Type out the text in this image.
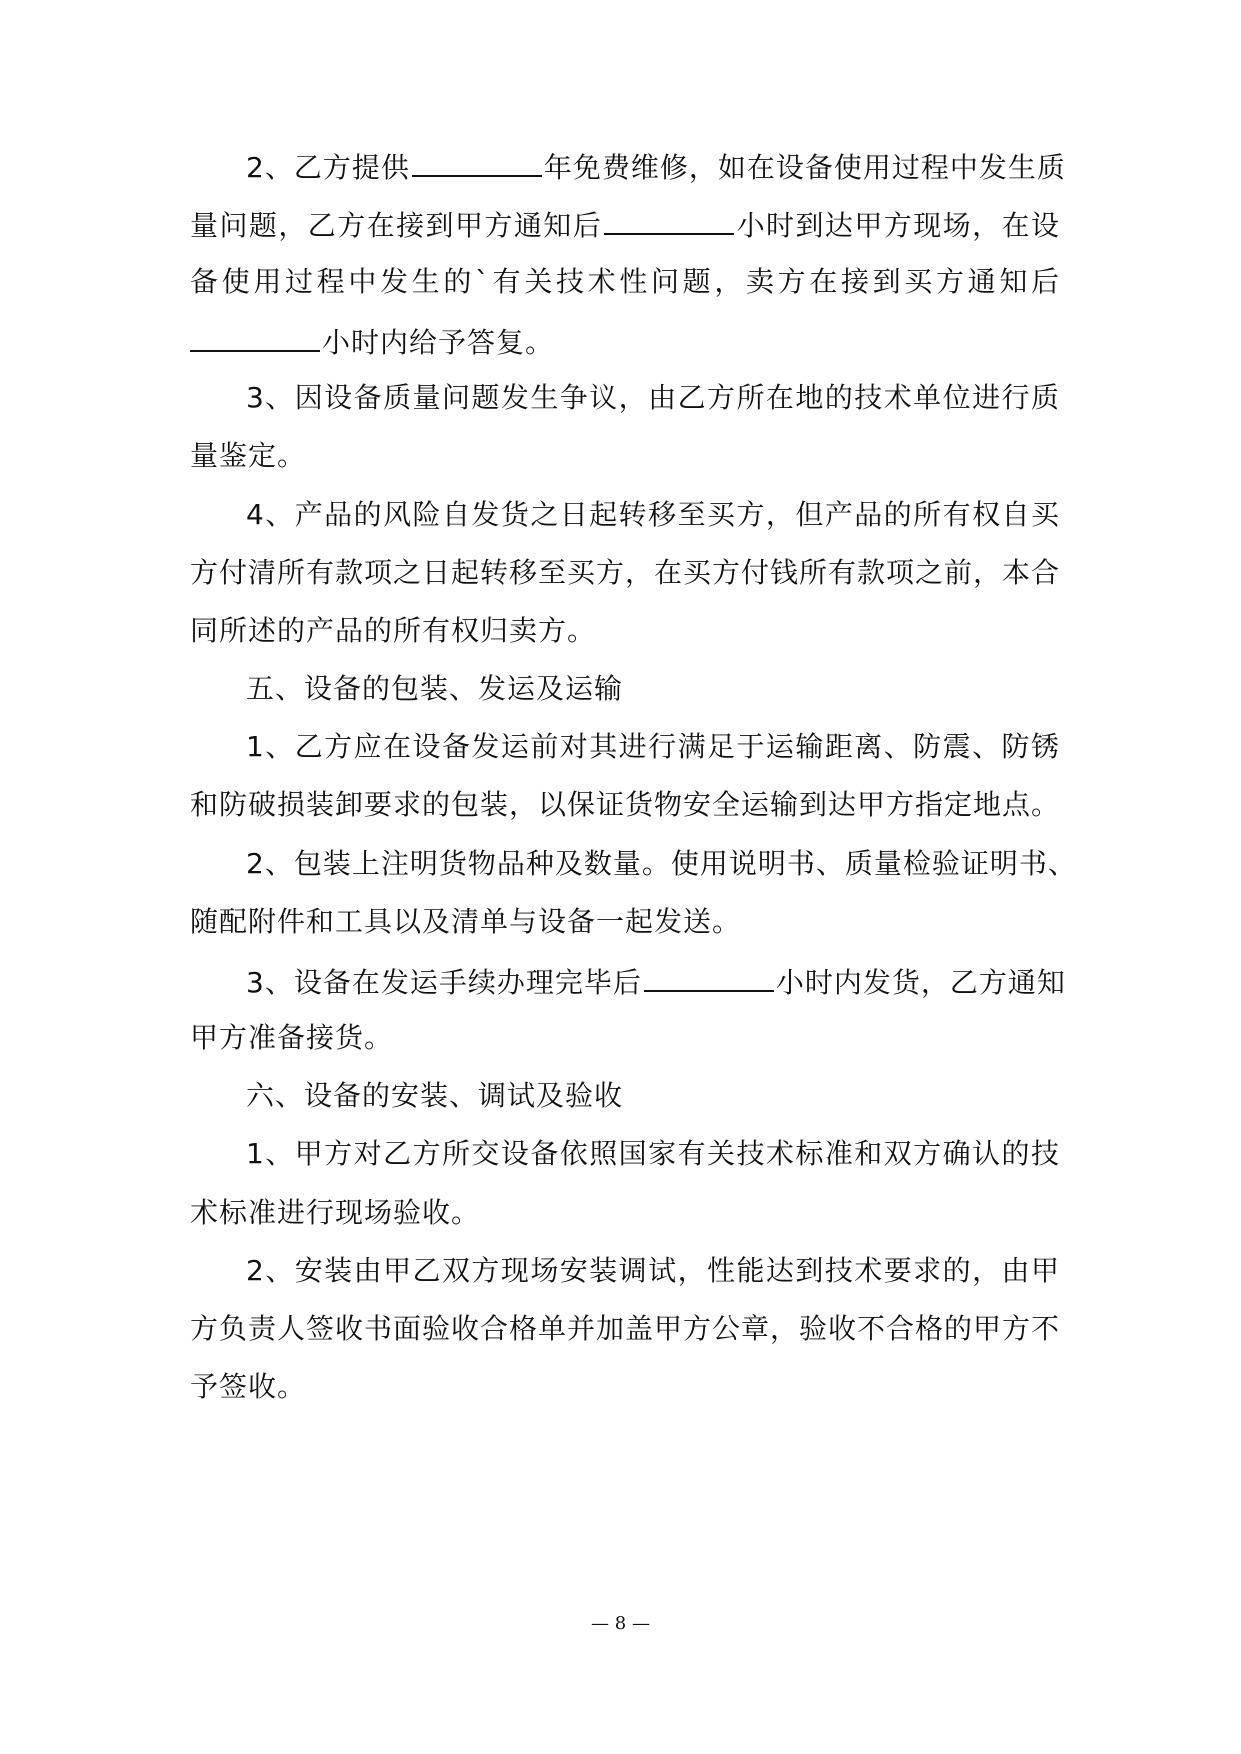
2、乙方提供	年免费维修，如在设备使用过程中发生质
量问题，乙方在接到甲方通知后	小时到达甲方现场，在设
备使用过程中发生的`有关技术性问题，卖方在接到买方通知后
小时内给予答复。
3、因设备质量问题发生争议，由乙方所在地的技术单位进行质
量鉴定。
4、产品的风险自发货之日起转移至买方，但产品的所有权自买
方付清所有款项之日起转移至买方，在买方付钱所有款项之前，本合
同所述的产品的所有权归卖方。
五、设备的包装、发运及运输
1、乙方应在设备发运前对其进行满足于运输距离、防震、防锈
和防破损装卸要求的包装，以保证货物安全运输到达甲方指定地点。
2、包装上注明货物品种及数量。使用说明书、质量检验证明书、
随配附件和工具以及清单与设备一起发送。
3、设备在发运手续办理完毕后	小时内发货，乙方通知
甲方准备接货。
六、设备的安装、调试及验收
1、甲方对乙方所交设备依照国家有关技术标准和双方确认的技
术标准进行现场验收。
2、安装由甲乙双方现场安装调试，性能达到技术要求的，由甲
方负责人签收书面验收合格单并加盖甲方公章，验收不合格的甲方不
予签收。
— 8 —
